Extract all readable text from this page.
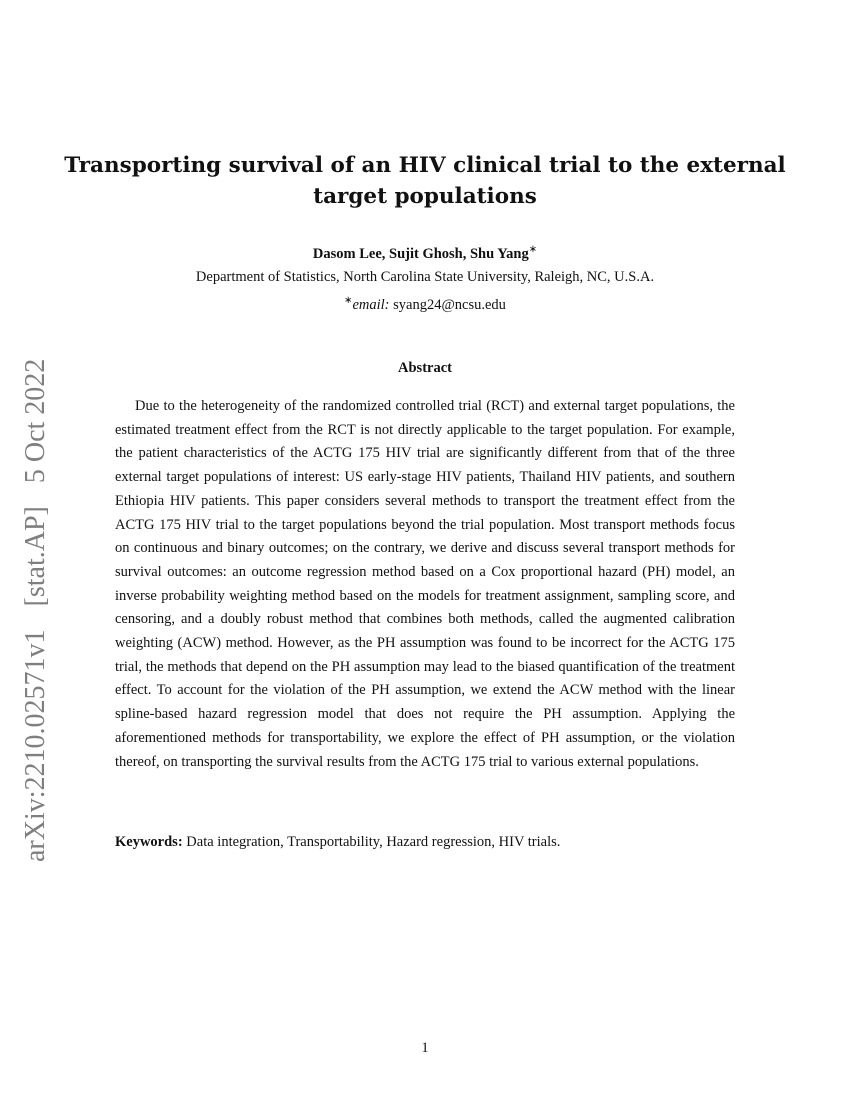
arXiv:2210.02571v1 [stat.AP] 5 Oct 2022
Transporting survival of an HIV clinical trial to the external target populations
Dasom Lee, Sujit Ghosh, Shu Yang∗
Department of Statistics, North Carolina State University, Raleigh, NC, U.S.A.
∗email: syang24@ncsu.edu
Abstract

Due to the heterogeneity of the randomized controlled trial (RCT) and external target populations, the estimated treatment effect from the RCT is not directly applicable to the target population. For example, the patient characteristics of the ACTG 175 HIV trial are significantly different from that of the three external target populations of interest: US early-stage HIV patients, Thailand HIV patients, and southern Ethiopia HIV patients. This paper considers several methods to transport the treatment effect from the ACTG 175 HIV trial to the target populations beyond the trial population. Most transport methods focus on continuous and binary outcomes; on the contrary, we derive and discuss several transport methods for survival outcomes: an outcome regression method based on a Cox proportional hazard (PH) model, an inverse probability weighting method based on the models for treatment assignment, sampling score, and censoring, and a doubly robust method that combines both methods, called the augmented calibration weighting (ACW) method. However, as the PH assumption was found to be incorrect for the ACTG 175 trial, the methods that depend on the PH assumption may lead to the biased quantification of the treatment effect. To account for the violation of the PH assumption, we extend the ACW method with the linear spline-based hazard regression model that does not require the PH assumption. Applying the aforementioned methods for transportability, we explore the effect of PH assumption, or the violation thereof, on transporting the survival results from the ACTG 175 trial to various external populations.

Keywords: Data integration, Transportability, Hazard regression, HIV trials.
1
